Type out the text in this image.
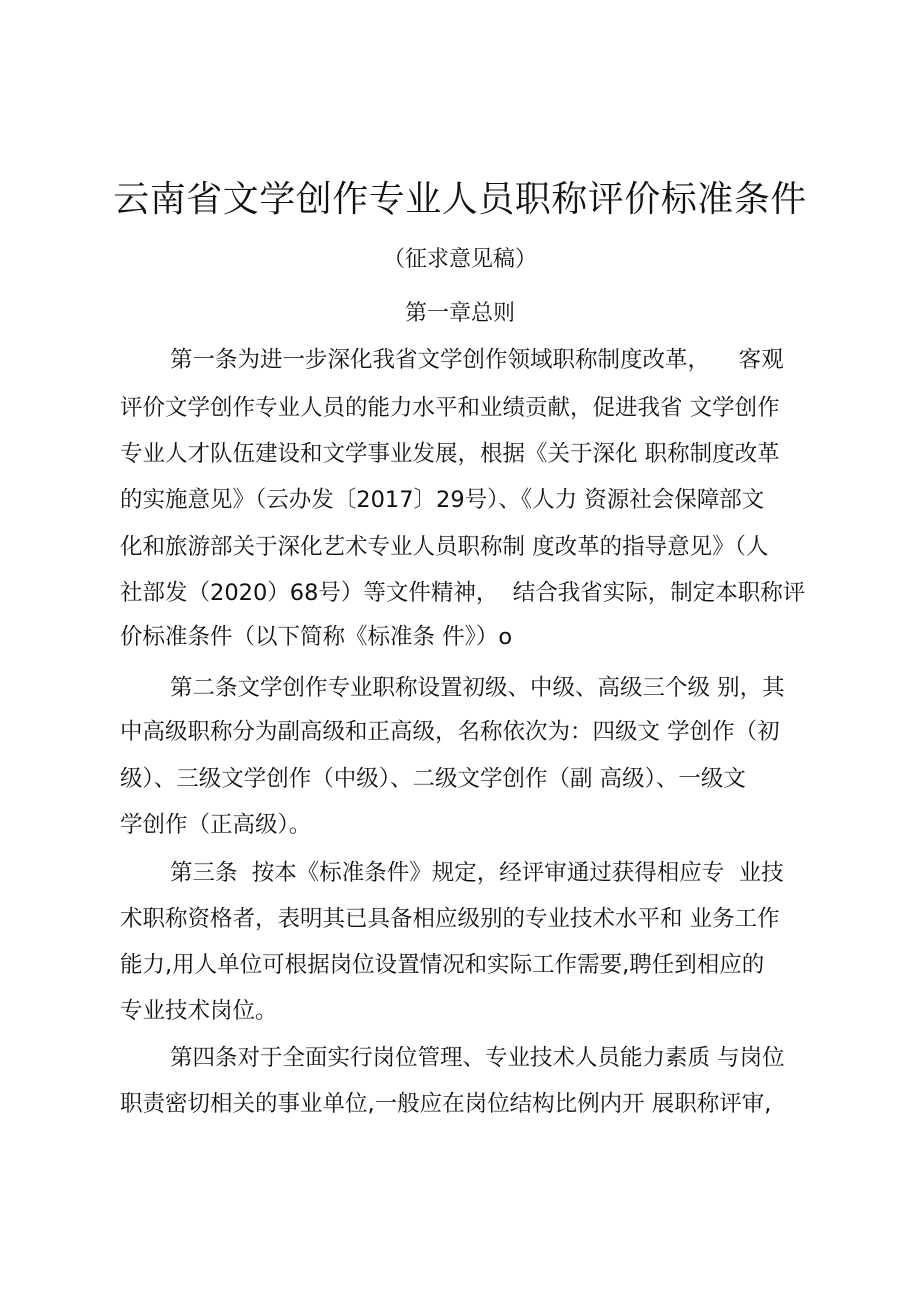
云南省文学创作专业人员职称评价标准条件
（征求意见稿）
第一章总则
第一条为进一步深化我省文学创作领域职称制度改革，    客观
评价文学创作专业人员的能力水平和业绩贡献，促进我省 文学创作
专业人才队伍建设和文学事业发展，根据《关于深化 职称制度改革
的实施意见》（云办发〔2017〕29号）、《人力 资源社会保障部文
化和旅游部关于深化艺术专业人员职称制 度改革的指导意见》（人
社部发（2020）68号）等文件精神，  结合我省实际，制定本职称评
价标准条件（以下简称《标准条 件》）o
第二条文学创作专业职称设置初级、中级、高级三个级 别，其
中高级职称分为副高级和正高级，名称依次为：四级文 学创作（初
级）、三级文学创作（中级）、二级文学创作（副 高级）、一级文
学创作（正高级）。
第三条  按本《标准条件》规定，经评审通过获得相应专  业技
术职称资格者，表明其已具备相应级别的专业技术水平和 业务工作
能力,用人单位可根据岗位设置情况和实际工作需要,聘任到相应的
专业技术岗位。
第四条对于全面实行岗位管理、专业技术人员能力素质 与岗位
职责密切相关的事业单位,一般应在岗位结构比例内开 展职称评审,
